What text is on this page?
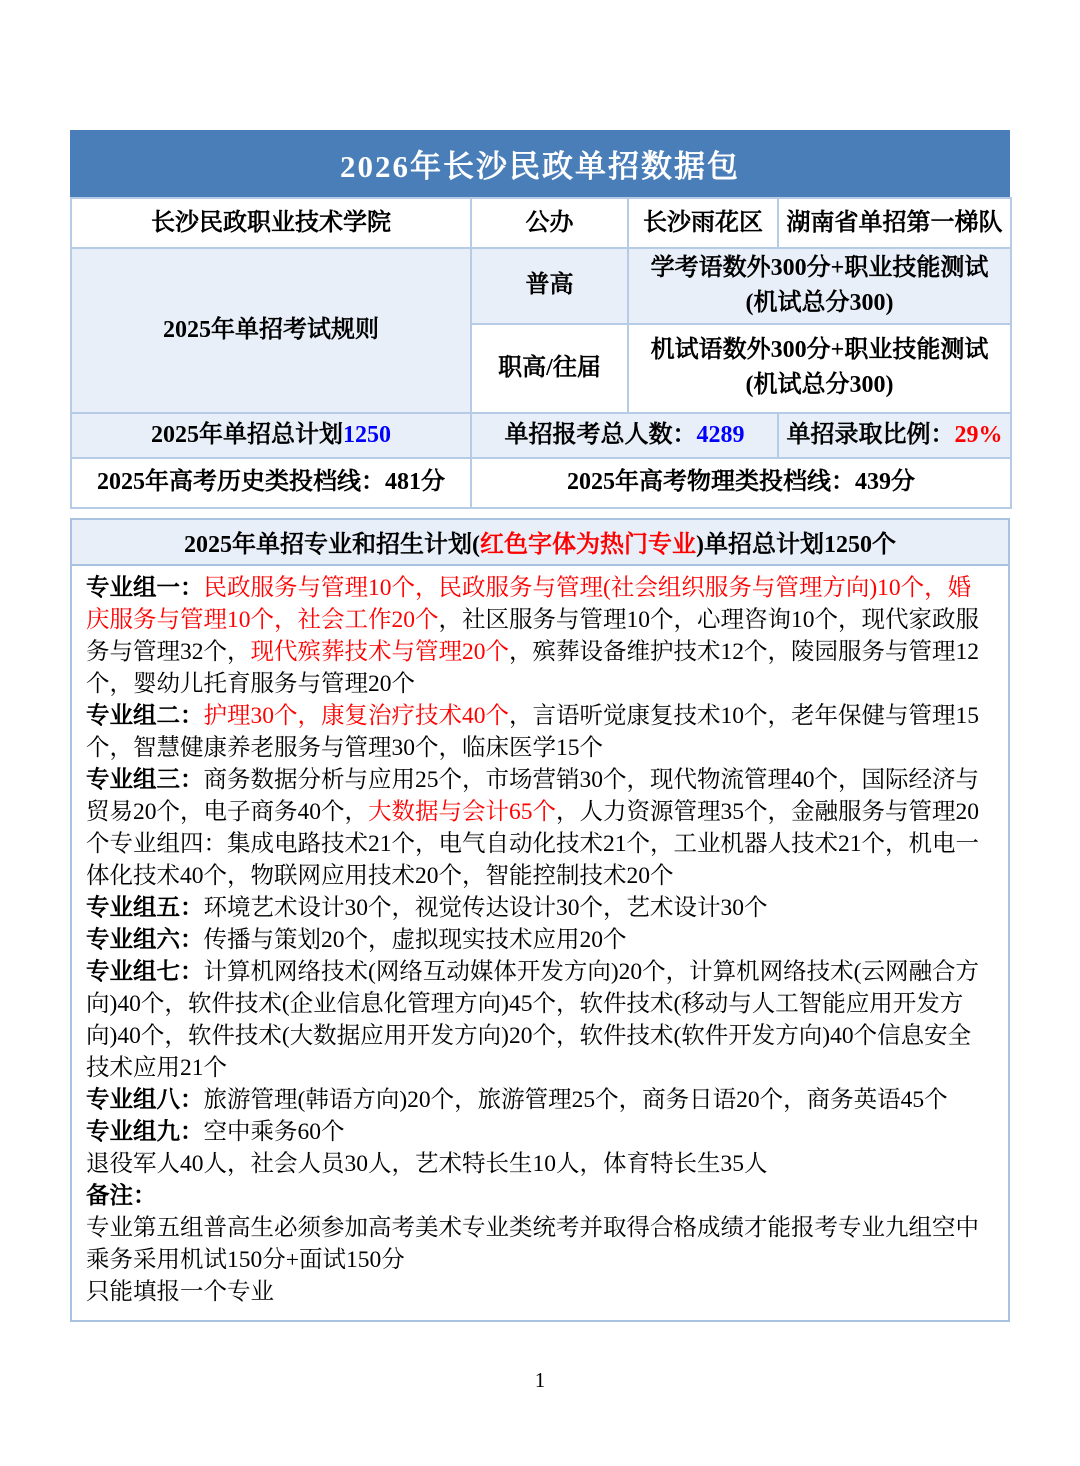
2026年长沙民政单招数据包
长沙民政职业技术学院	公办	长沙雨花区	湖南省单招第一梯队
2025年单招考试规则	普高	学考语数外300分+职业技能测试
(机试总分300)	

	职高/往届	机试语数外300分+职业技能测试
(机试总分300)	

2025年单招总计划1250	单招报考总人数：4289		单招录取比例：29%
2025年高考历史类投档线：481分	2025年高考物理类投档线：439分		
2025年单招专业和招生计划(红色字体为热门专业)单招总计划1250个

专业组一：民政服务与管理10个，民政服务与管理(社会组织服务与管理方向)10个，婚庆服务与管理10个，社会工作20个，社区服务与管理10个，心理咨询10个，现代家政服务与管理32个，现代殡葬技术与管理20个，殡葬设备维护技术12个，陵园服务与管理12个，婴幼儿托育服务与管理20个

专业组二：护理30个，康复治疗技术40个，言语听觉康复技术10个，老年保健与管理15个，智慧健康养老服务与管理30个，临床医学15个

专业组三：商务数据分析与应用25个，市场营销30个，现代物流管理40个，国际经济与贸易20个，电子商务40个，大数据与会计65个，人力资源管理35个，金融服务与管理20个专业组四：集成电路技术21个，电气自动化技术21个，工业机器人技术21个，机电一体化技术40个，物联网应用技术20个，智能控制技术20个

专业组五：环境艺术设计30个，视觉传达设计30个，艺术设计30个

专业组六：传播与策划20个，虚拟现实技术应用20个

专业组七：计算机网络技术(网络互动媒体开发方向)20个，计算机网络技术(云网融合方向)40个，软件技术(企业信息化管理方向)45个，软件技术(移动与人工智能应用开发方向)40个，软件技术(大数据应用开发方向)20个，软件技术(软件开发方向)40个信息安全技术应用21个

专业组八：旅游管理(韩语方向)20个，旅游管理25个，商务日语20个，商务英语45个

专业组九：空中乘务60个

退役军人40人，社会人员30人，艺术特长生10人，体育特长生35人

备注：

专业第五组普高生必须参加高考美术专业类统考并取得合格成绩才能报考专业九组空中乘务采用机试150分+面试150分

只能填报一个专业

1
